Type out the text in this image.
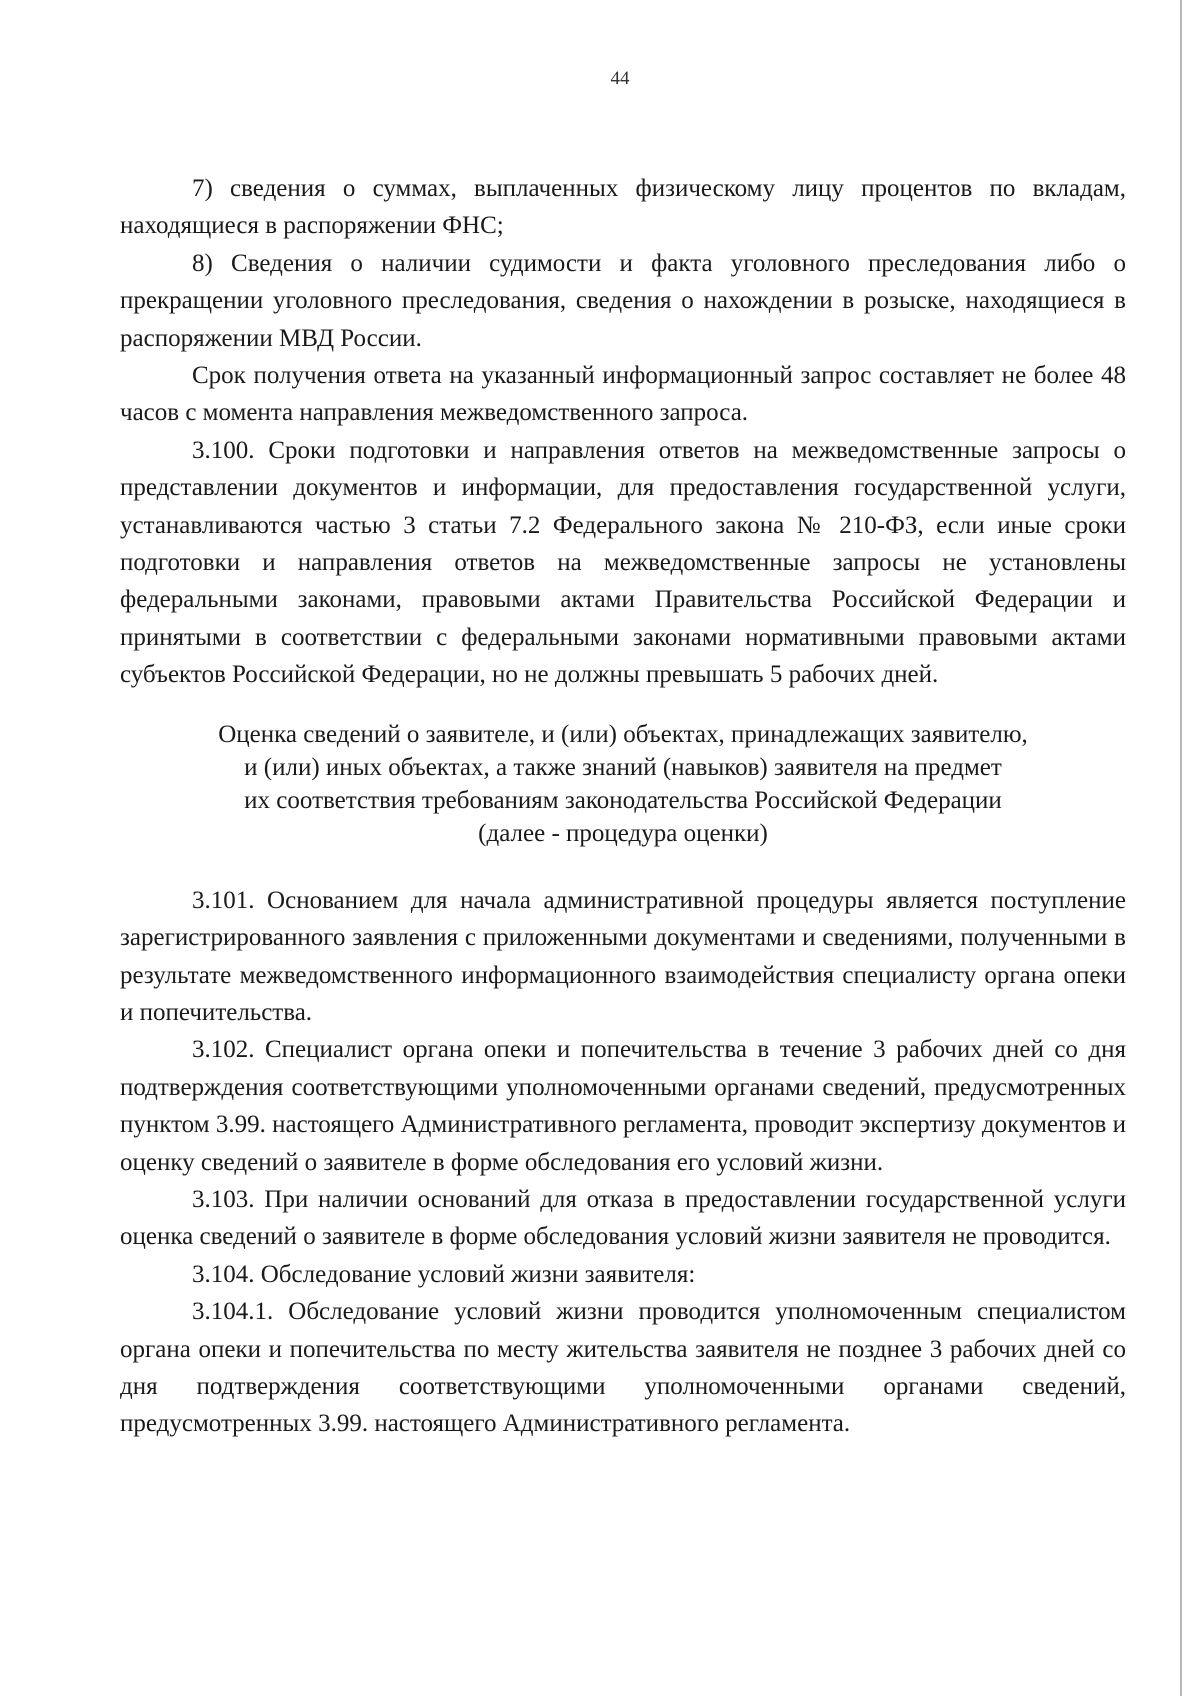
44

7) сведения о суммах, выплаченных физическому лицу процентов по вкладам, находящиеся в распоряжении ФНС;

8) Сведения о наличии судимости и факта уголовного преследования либо о прекращении уголовного преследования, сведения о нахождении в розыске, находящиеся в распоряжении МВД России.

Срок получения ответа на указанный информационный запрос составляет не более 48 часов с момента направления межведомственного запроса.

3.100. Сроки подготовки и направления ответов на межведомственные запросы о представлении документов и информации, для предоставления государственной услуги, устанавливаются частью 3 статьи 7.2 Федерального закона № 210-ФЗ, если иные сроки подготовки и направления ответов на межведомственные запросы не установлены федеральными законами, правовыми актами Правительства Российской Федерации и принятыми в соответствии с федеральными законами нормативными правовыми актами субъектов Российской Федерации, но не должны превышать 5 рабочих дней.

Оценка сведений о заявителе, и (или) объектах, принадлежащих заявителю,

и (или) иных объектах, а также знаний (навыков) заявителя на предмет

их соответствия требованиям законодательства Российской Федерации

(далее - процедура оценки)

3.101. Основанием для начала административной процедуры является поступление зарегистрированного заявления с приложенными документами и сведениями, полученными в результате межведомственного информационного взаимодействия специалисту органа опеки и попечительства.

3.102. Специалист органа опеки и попечительства в течение 3 рабочих дней со дня подтверждения соответствующими уполномоченными органами сведений, предусмотренных пунктом 3.99. настоящего Административного регламента, проводит экспертизу документов и оценку сведений о заявителе в форме обследования его условий жизни.

3.103. При наличии оснований для отказа в предоставлении государственной услуги оценка сведений о заявителе в форме обследования условий жизни заявителя не проводится.

3.104. Обследование условий жизни заявителя:

3.104.1. Обследование условий жизни проводится уполномоченным специалистом органа опеки и попечительства по месту жительства заявителя не позднее 3 рабочих дней со дня подтверждения соответствующими уполномоченными органами сведений, предусмотренных 3.99. настоящего Административного регламента.
